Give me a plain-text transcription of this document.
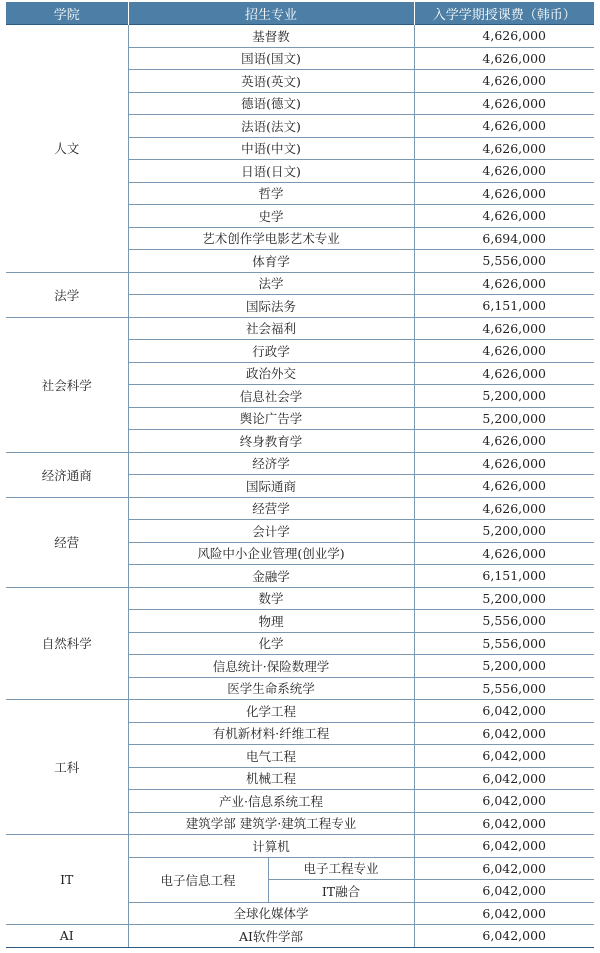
学院	招生专业		入学学期授课费（韩币）
人文	基督教		4,626,000
	国语(国文)		4,626,000
	英语(英文)		4,626,000
	德语(德文)		4,626,000
	法语(法文)		4,626,000
	中语(中文)		4,626,000
	日语(日文)		4,626,000
	哲学		4,626,000
	史学		4,626,000
	艺术创作学电影艺术专业		6,694,000
	体育学		5,556,000
法学	法学		4,626,000
	国际法务		6,151,000
社会科学	社会福利		4,626,000
	行政学		4,626,000
	政治外交		4,626,000
	信息社会学		5,200,000
	舆论广告学		5,200,000
	终身教育学		4,626,000
经济通商	经济学		4,626,000
	国际通商		4,626,000
经营	经营学		4,626,000
	会计学		5,200,000
	风险中小企业管理(创业学)		4,626,000
	金融学		6,151,000
自然科学	数学		5,200,000
	物理		5,556,000
	化学		5,556,000
	信息统计·保险数理学		5,200,000
	医学生命系统学		5,556,000
工科	化学工程		6,042,000
	有机新材料·纤维工程		6,042,000
	电气工程		6,042,000
	机械工程		6,042,000
	产业·信息系统工程		6,042,000
	建筑学部 建筑学·建筑工程专业		6,042,000
IT	计算机		6,042,000
	电子信息工程	电子工程专业	6,042,000
		IT融合	6,042,000
	全球化媒体学		6,042,000
AI	AI软件学部		6,042,000
